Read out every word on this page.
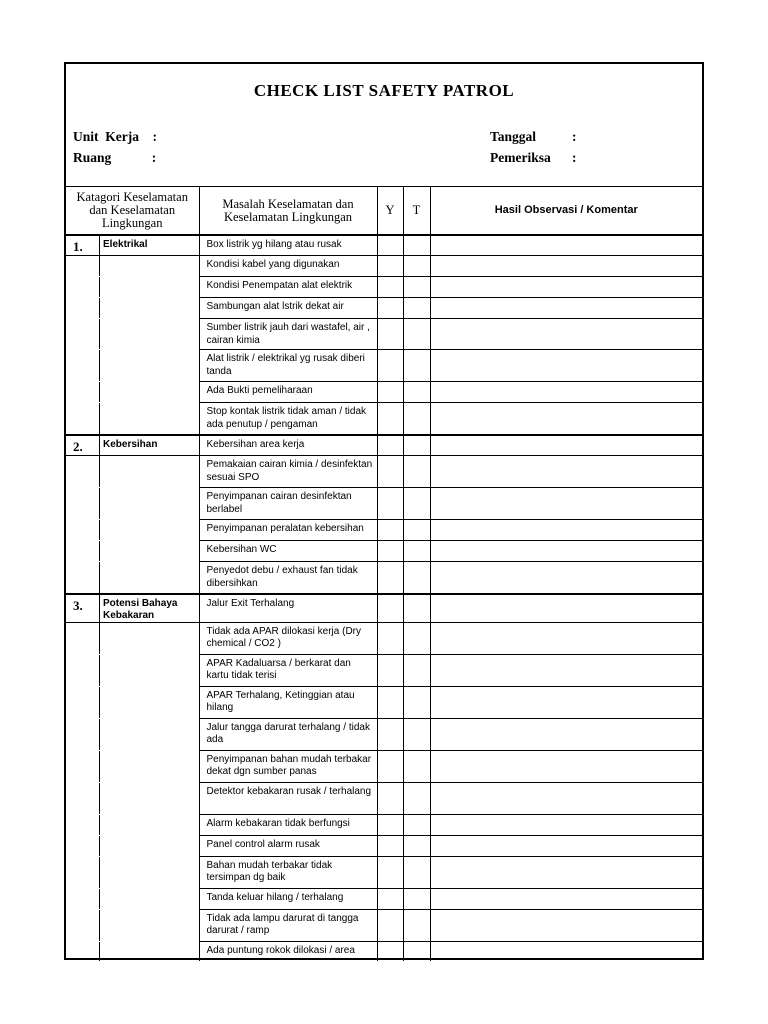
CHECK LIST SAFETY PATROL
Unit  Kerja    :
Ruang            :
Tanggal	:
Pemeriksa :
Katagori Keselamatan dan Keselamatan Lingkungan	Masalah Keselamatan dan Keselamatan Lingkungan	Y	T	Hasil Observasi / Komentar

1. Elektrikal	Box listrik yg hilang atau rusak			
	Kondisi kabel yang digunakan			
	Kondisi Penempatan alat elektrik			
	Sambungan alat lstrik dekat air			
	Sumber listrik jauh dari wastafel, air , cairan kimia			
	Alat listrik / elektrikal yg rusak diberi tanda			
	Ada Bukti pemeliharaan			
	Stop kontak listrik tidak aman / tidak ada penutup / pengaman			

2. Kebersihan	Kebersihan area kerja			
	Pemakaian cairan kimia / desinfektan sesuai SPO			
	Penyimpanan cairan desinfektan berlabel			
	Penyimpanan peralatan kebersihan			
	Kebersihan WC			
	Penyedot debu / exhaust fan tidak dibersihkan			

3. Potensi Bahaya Kebakaran	Jalur Exit Terhalang			
	Tidak ada APAR dilokasi kerja (Dry chemical / CO2 )			
	APAR Kadaluarsa / berkarat dan kartu tidak terisi			
	APAR Terhalang, Ketinggian atau hilang			
	Jalur tangga darurat terhalang / tidak ada			
	Penyimpanan bahan mudah terbakar dekat dgn sumber panas			
	Detektor kebakaran rusak / terhalang			
	Alarm kebakaran tidak berfungsi			
	Panel control alarm rusak			
	Bahan mudah terbakar tidak tersimpan dg baik			
	Tanda keluar hilang / terhalang			
	Tidak ada lampu darurat di tangga darurat / ramp			
	Ada puntung rokok dilokasi / area			
